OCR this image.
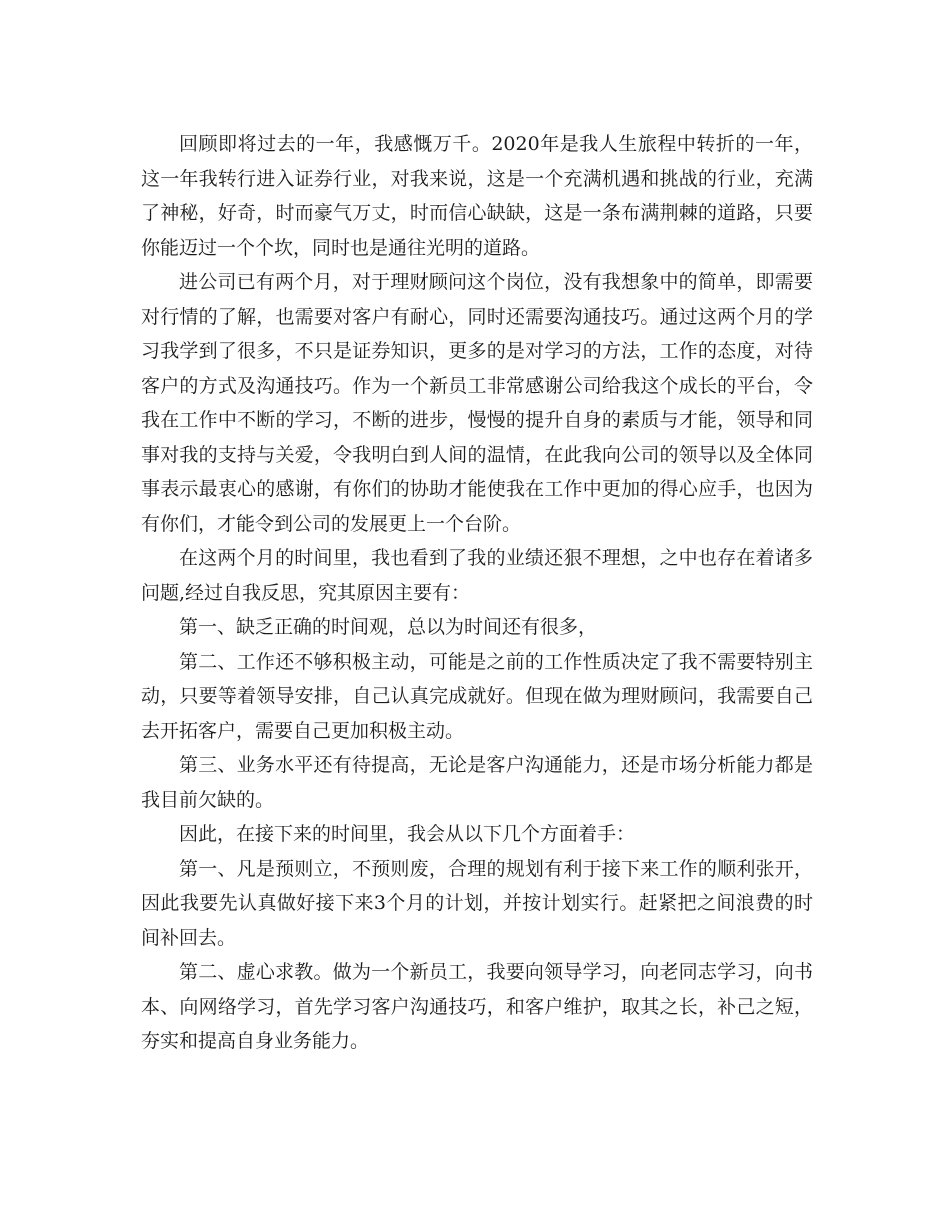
回顾即将过去的一年，我感慨万千。2020年是我人生旅程中转折的一年，这一年我转行进入证券行业，对我来说，这是一个充满机遇和挑战的行业，充满了神秘，好奇，时而豪气万丈，时而信心缺缺，这是一条布满荆棘的道路，只要你能迈过一个个坎，同时也是通往光明的道路。

进公司已有两个月，对于理财顾问这个岗位，没有我想象中的简单，即需要对行情的了解，也需要对客户有耐心，同时还需要沟通技巧。通过这两个月的学习我学到了很多，不只是证券知识，更多的是对学习的方法，工作的态度，对待客户的方式及沟通技巧。作为一个新员工非常感谢公司给我这个成长的平台，令我在工作中不断的学习，不断的进步，慢慢的提升自身的素质与才能，领导和同事对我的支持与关爱，令我明白到人间的温情，在此我向公司的领导以及全体同事表示最衷心的感谢，有你们的协助才能使我在工作中更加的得心应手，也因为有你们，才能令到公司的发展更上一个台阶。

在这两个月的时间里，我也看到了我的业绩还狠不理想，之中也存在着诸多问题,经过自我反思，究其原因主要有：

第一、缺乏正确的时间观，总以为时间还有很多，

第二、工作还不够积极主动，可能是之前的工作性质决定了我不需要特别主动，只要等着领导安排，自己认真完成就好。但现在做为理财顾问，我需要自己去开拓客户，需要自己更加积极主动。

第三、业务水平还有待提高，无论是客户沟通能力，还是市场分析能力都是我目前欠缺的。

因此，在接下来的时间里，我会从以下几个方面着手：

第一、凡是预则立，不预则废，合理的规划有利于接下来工作的顺利张开，因此我要先认真做好接下来3个月的计划，并按计划实行。赶紧把之间浪费的时间补回去。

第二、虚心求教。做为一个新员工，我要向领导学习，向老同志学习，向书本、向网络学习，首先学习客户沟通技巧，和客户维护，取其之长，补己之短，夯实和提高自身业务能力。
